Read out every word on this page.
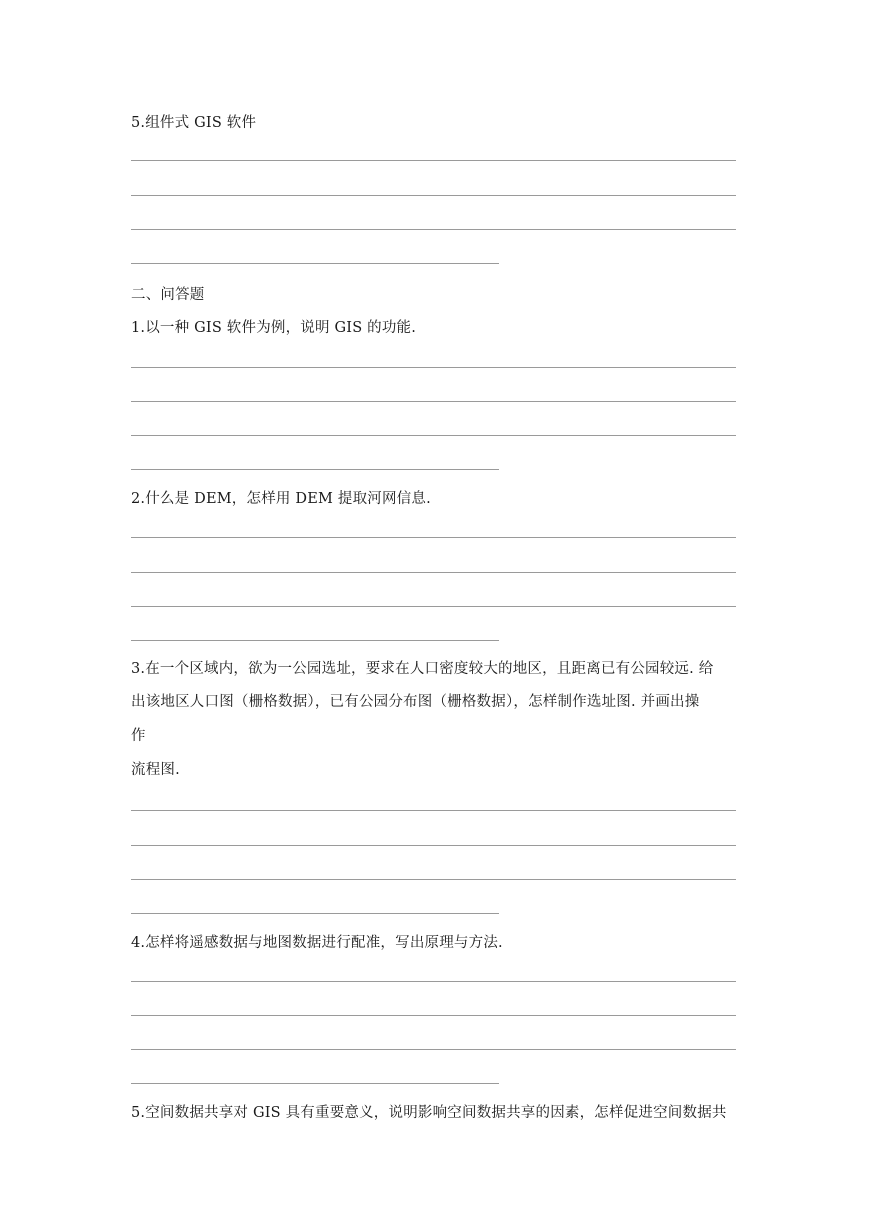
5.组件式 GIS 软件
二、问答题
1.以一种 GIS 软件为例，说明 GIS 的功能.
2.什么是 DEM，怎样用 DEM 提取河网信息.
3.在一个区域内，欲为一公园选址，要求在人口密度较大的地区，且距离已有公园较远. 给
出该地区人口图（栅格数据），已有公园分布图（栅格数据），怎样制作选址图. 并画出操
作
流程图.
4.怎样将遥感数据与地图数据进行配准，写出原理与方法.
5.空间数据共享对 GIS 具有重要意义，说明影响空间数据共享的因素，怎样促进空间数据共
